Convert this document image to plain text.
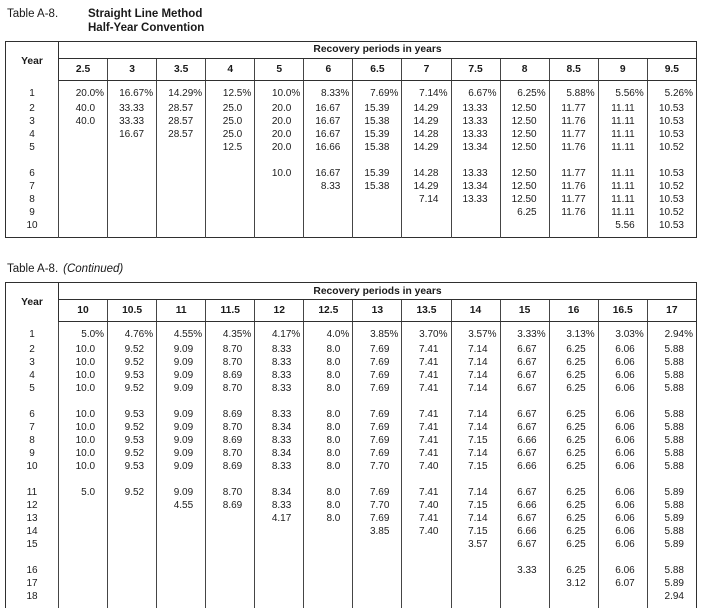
Table A-8.	Straight Line Method
Half-Year Convention
Year	Recovery periods in years												
	2.5	3	3.5	4	5	6	6.5	7	7.5	8	8.5	9	9.5
1	20.0%	16.67%	14.29%	12.5%	10.0%	8.33%	7.69%	7.14%	6.67%	6.25%	5.88%	5.56%	5.26%
2	40.0	33.33	28.57	25.0	20.0	16.67	15.39	14.29	13.33	12.50	11.77	11.11	10.53
3	40.0	33.33	28.57	25.0	20.0	16.67	15.38	14.29	13.33	12.50	11.76	11.11	10.53
4		16.67	28.57	25.0	20.0	16.67	15.39	14.28	13.33	12.50	11.77	11.11	10.53
5				12.5	20.0	16.66	15.38	14.29	13.34	12.50	11.76	11.11	10.52

6					10.0	16.67	15.39	14.28	13.33	12.50	11.77	11.11	10.53
7						8.33	15.38	14.29	13.34	12.50	11.76	11.11	10.52
8								7.14	13.33	12.50	11.77	11.11	10.53
9										6.25	11.76	11.11	10.52
10												5.56	10.53

Table A-8. (Continued)
Year	Recovery periods in years												
	10	10.5	11	11.5	12	12.5	13	13.5	14	15	16	16.5	17
1	5.0%	4.76%	4.55%	4.35%	4.17%	4.0%	3.85%	3.70%	3.57%	3.33%	3.13%	3.03%	2.94%
2	10.0	9.52	9.09	8.70	8.33	8.0	7.69	7.41	7.14	6.67	6.25	6.06	5.88
3	10.0	9.52	9.09	8.70	8.33	8.0	7.69	7.41	7.14	6.67	6.25	6.06	5.88
4	10.0	9.53	9.09	8.69	8.33	8.0	7.69	7.41	7.14	6.67	6.25	6.06	5.88
5	10.0	9.52	9.09	8.70	8.33	8.0	7.69	7.41	7.14	6.67	6.25	6.06	5.88

6	10.0	9.53	9.09	8.69	8.33	8.0	7.69	7.41	7.14	6.67	6.25	6.06	5.88
7	10.0	9.52	9.09	8.70	8.34	8.0	7.69	7.41	7.14	6.67	6.25	6.06	5.88
8	10.0	9.53	9.09	8.69	8.33	8.0	7.69	7.41	7.15	6.66	6.25	6.06	5.88
9	10.0	9.52	9.09	8.70	8.34	8.0	7.69	7.41	7.14	6.67	6.25	6.06	5.88
10	10.0	9.53	9.09	8.69	8.33	8.0	7.70	7.40	7.15	6.66	6.25	6.06	5.88

11	5.0	9.52	9.09	8.70	8.34	8.0	7.69	7.41	7.14	6.67	6.25	6.06	5.89
12			4.55	8.69	8.33	8.0	7.70	7.40	7.15	6.66	6.25	6.06	5.88
13					4.17	8.0	7.69	7.41	7.14	6.67	6.25	6.06	5.89
14							3.85	7.40	7.15	6.66	6.25	6.06	5.88
15									3.57	6.67	6.25	6.06	5.89

16										3.33	6.25	6.06	5.88
17											3.12	6.07	5.89
18													2.94
